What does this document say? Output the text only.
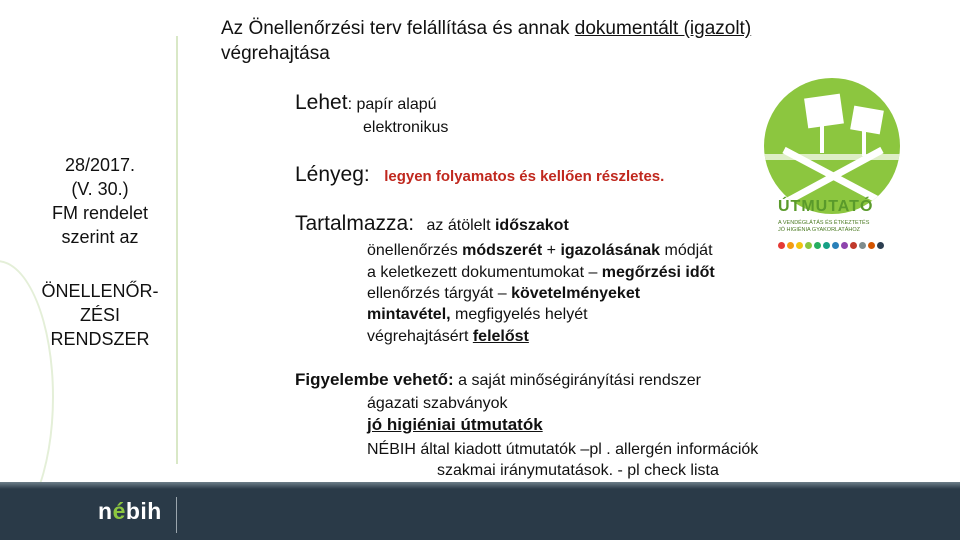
Az Önellenőrzési terv felállítása és annak dokumentált (igazolt) végrehajtása
28/2017.
(V. 30.)
FM rendelet
szerint az
ÖNELLENŐR-
ZÉSI
RENDSZER
Lehet: papír alapú
elektronikus
Lényeg: legyen folyamatos és kellően részletes.
Tartalmazza: az átölelt időszakot
önellenőrzés módszerét + igazolásának módját
a keletkezett dokumentumokat – megőrzési időt
ellenőrzés tárgyát – követelményeket
mintavétel, megfigyelés helyét
végrehajtásért felelőst
Figyelembe vehető: a saját minőségirányítási rendszer
ágazati szabványok
jó higiéniai útmutatók
NÉBIH által kiadott útmutatók –pl . allergén információk
szakmai iránymutatások. - pl check lista
ÚTMUTATÓ
A VENDÉGLÁTÁS ÉS ÉTKEZTETÉS
JÓ HIGIÉNIA GYAKORLATÁHOZ
nébih
